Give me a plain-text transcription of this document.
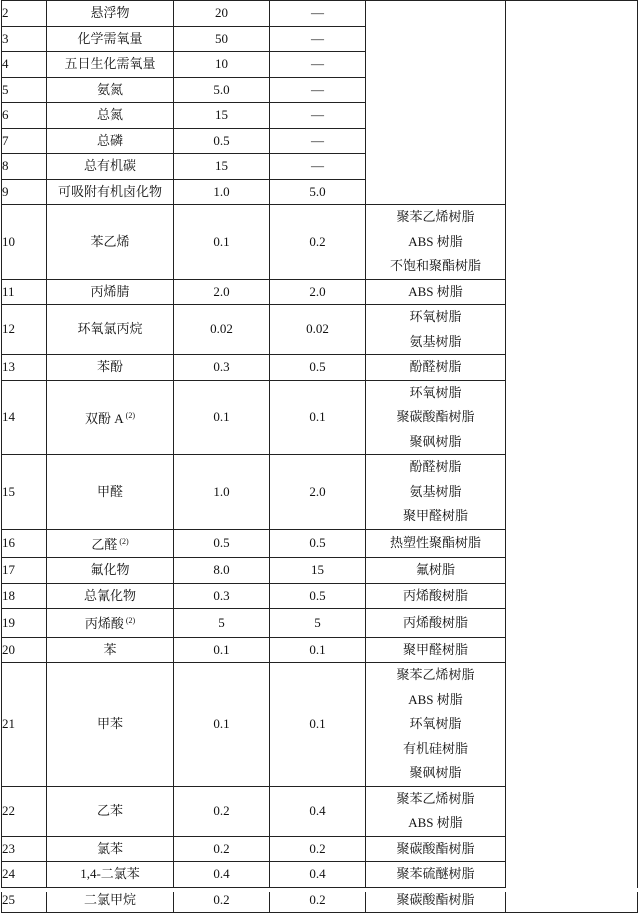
2	悬浮物	20	—		
3	化学需氧量	50	—		
4	五日生化需氧量	10	—		
5	氨氮	5.0	—		
6	总氮	15	—		
7	总磷	0.5	—		
8	总有机碳	15	—		
9	可吸附有机卤化物	1.0	5.0		
10	苯乙烯	0.1	0.2	聚苯乙烯树脂
ABS 树脂
不饱和聚酯树脂	

11	丙烯腈	2.0	2.0	ABS 树脂	

12	环氧氯丙烷	0.02	0.02	环氧树脂
氨基树脂	

13	苯酚	0.3	0.5	酚醛树脂	

14	双酚 A $^{(2)}$	0.1	0.1	环氧树脂
聚碳酸酯树脂
聚砜树脂	

15	甲醛	1.0	2.0	酚醛树脂
氨基树脂
聚甲醛树脂	

16	乙醛 $^{(2)}$	0.5	0.5	热塑性聚酯树脂	

17	氟化物	8.0	15	氟树脂	

18	总氰化物	0.3	0.5	丙烯酸树脂	

19	丙烯酸 $^{(2)}$	5	5	丙烯酸树脂	

20	苯	0.1	0.1	聚甲醛树脂	

21	甲苯	0.1	0.1	聚苯乙烯树脂
ABS 树脂
环氧树脂
有机硅树脂
聚砜树脂	

22	乙苯	0.2	0.4	聚苯乙烯树脂
ABS 树脂	

23	氯苯	0.2	0.2	聚碳酸酯树脂	

24	1,4-二氯苯	0.4	0.4	聚苯硫醚树脂	

25	二氯甲烷	0.2	0.2	聚碳酸酯树脂	
